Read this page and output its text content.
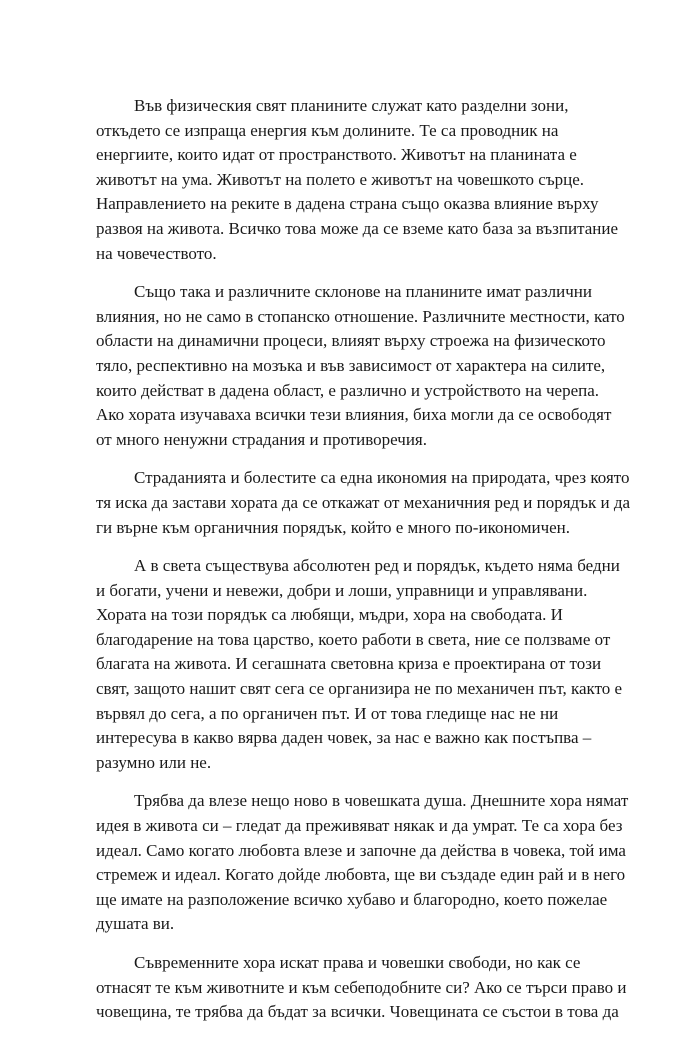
Във физическия свят планините служат като разделни зони,
откъдето се изпраща енергия към долините. Те са проводник на
енергиите, които идат от пространството. Животът на планината е
животът на ума. Животът на полето е животът на човешкото сърце.
Направлението на реките в дадена страна също оказва влияние върху
развоя на живота. Всичко това може да се вземе като база за възпитание
на човечеството.

Също така и различните склонове на планините имат различни
влияния, но не само в стопанско отношение. Различните местности, като
области на динамични процеси, влияят върху строежа на физическото
тяло, респективно на мозъка и във зависимост от характера на силите,
които действат в дадена област, е различно и устройството на черепа.
Ако хората изучаваха всички тези влияния, биха могли да се освободят
от много ненужни страдания и противоречия.

Страданията и болестите са една икономия на природата, чрез която
тя иска да застави хората да се откажат от механичния ред и порядък и да
ги върне към органичния порядък, който е много по-икономичен.

А в света съществува абсолютен ред и порядък, където няма бедни
и богати, учени и невежи, добри и лоши, управници и управлявани.
Хората на този порядък са любящи, мъдри, хора на свободата. И
благодарение на това царство, което работи в света, ние се ползваме от
благата на живота. И сегашната световна криза е проектирана от този
свят, защото нашит свят сега се организира не по механичен път, както е
вървял до сега, а по органичен път. И от това гледище нас не ни
интересува в какво вярва даден човек, за нас е важно как постъпва –
разумно или не.

Трябва да влезе нещо ново в човешката душа. Днешните хора нямат
идея в живота си – гледат да преживяват някак и да умрат. Те са хора без
идеал. Само когато любовта влезе и започне да действа в човека, той има
стремеж и идеал. Когато дойде любовта, ще ви създаде един рай и в него
ще имате на разположение всичко хубаво и благородно, което пожелае
душата ви.

Съвременните хора искат права и човешки свободи, но как се
отнасят те към животните и към себеподобните си? Ако се търси право и
човещина, те трябва да бъдат за всички. Човещината се състои в това да
